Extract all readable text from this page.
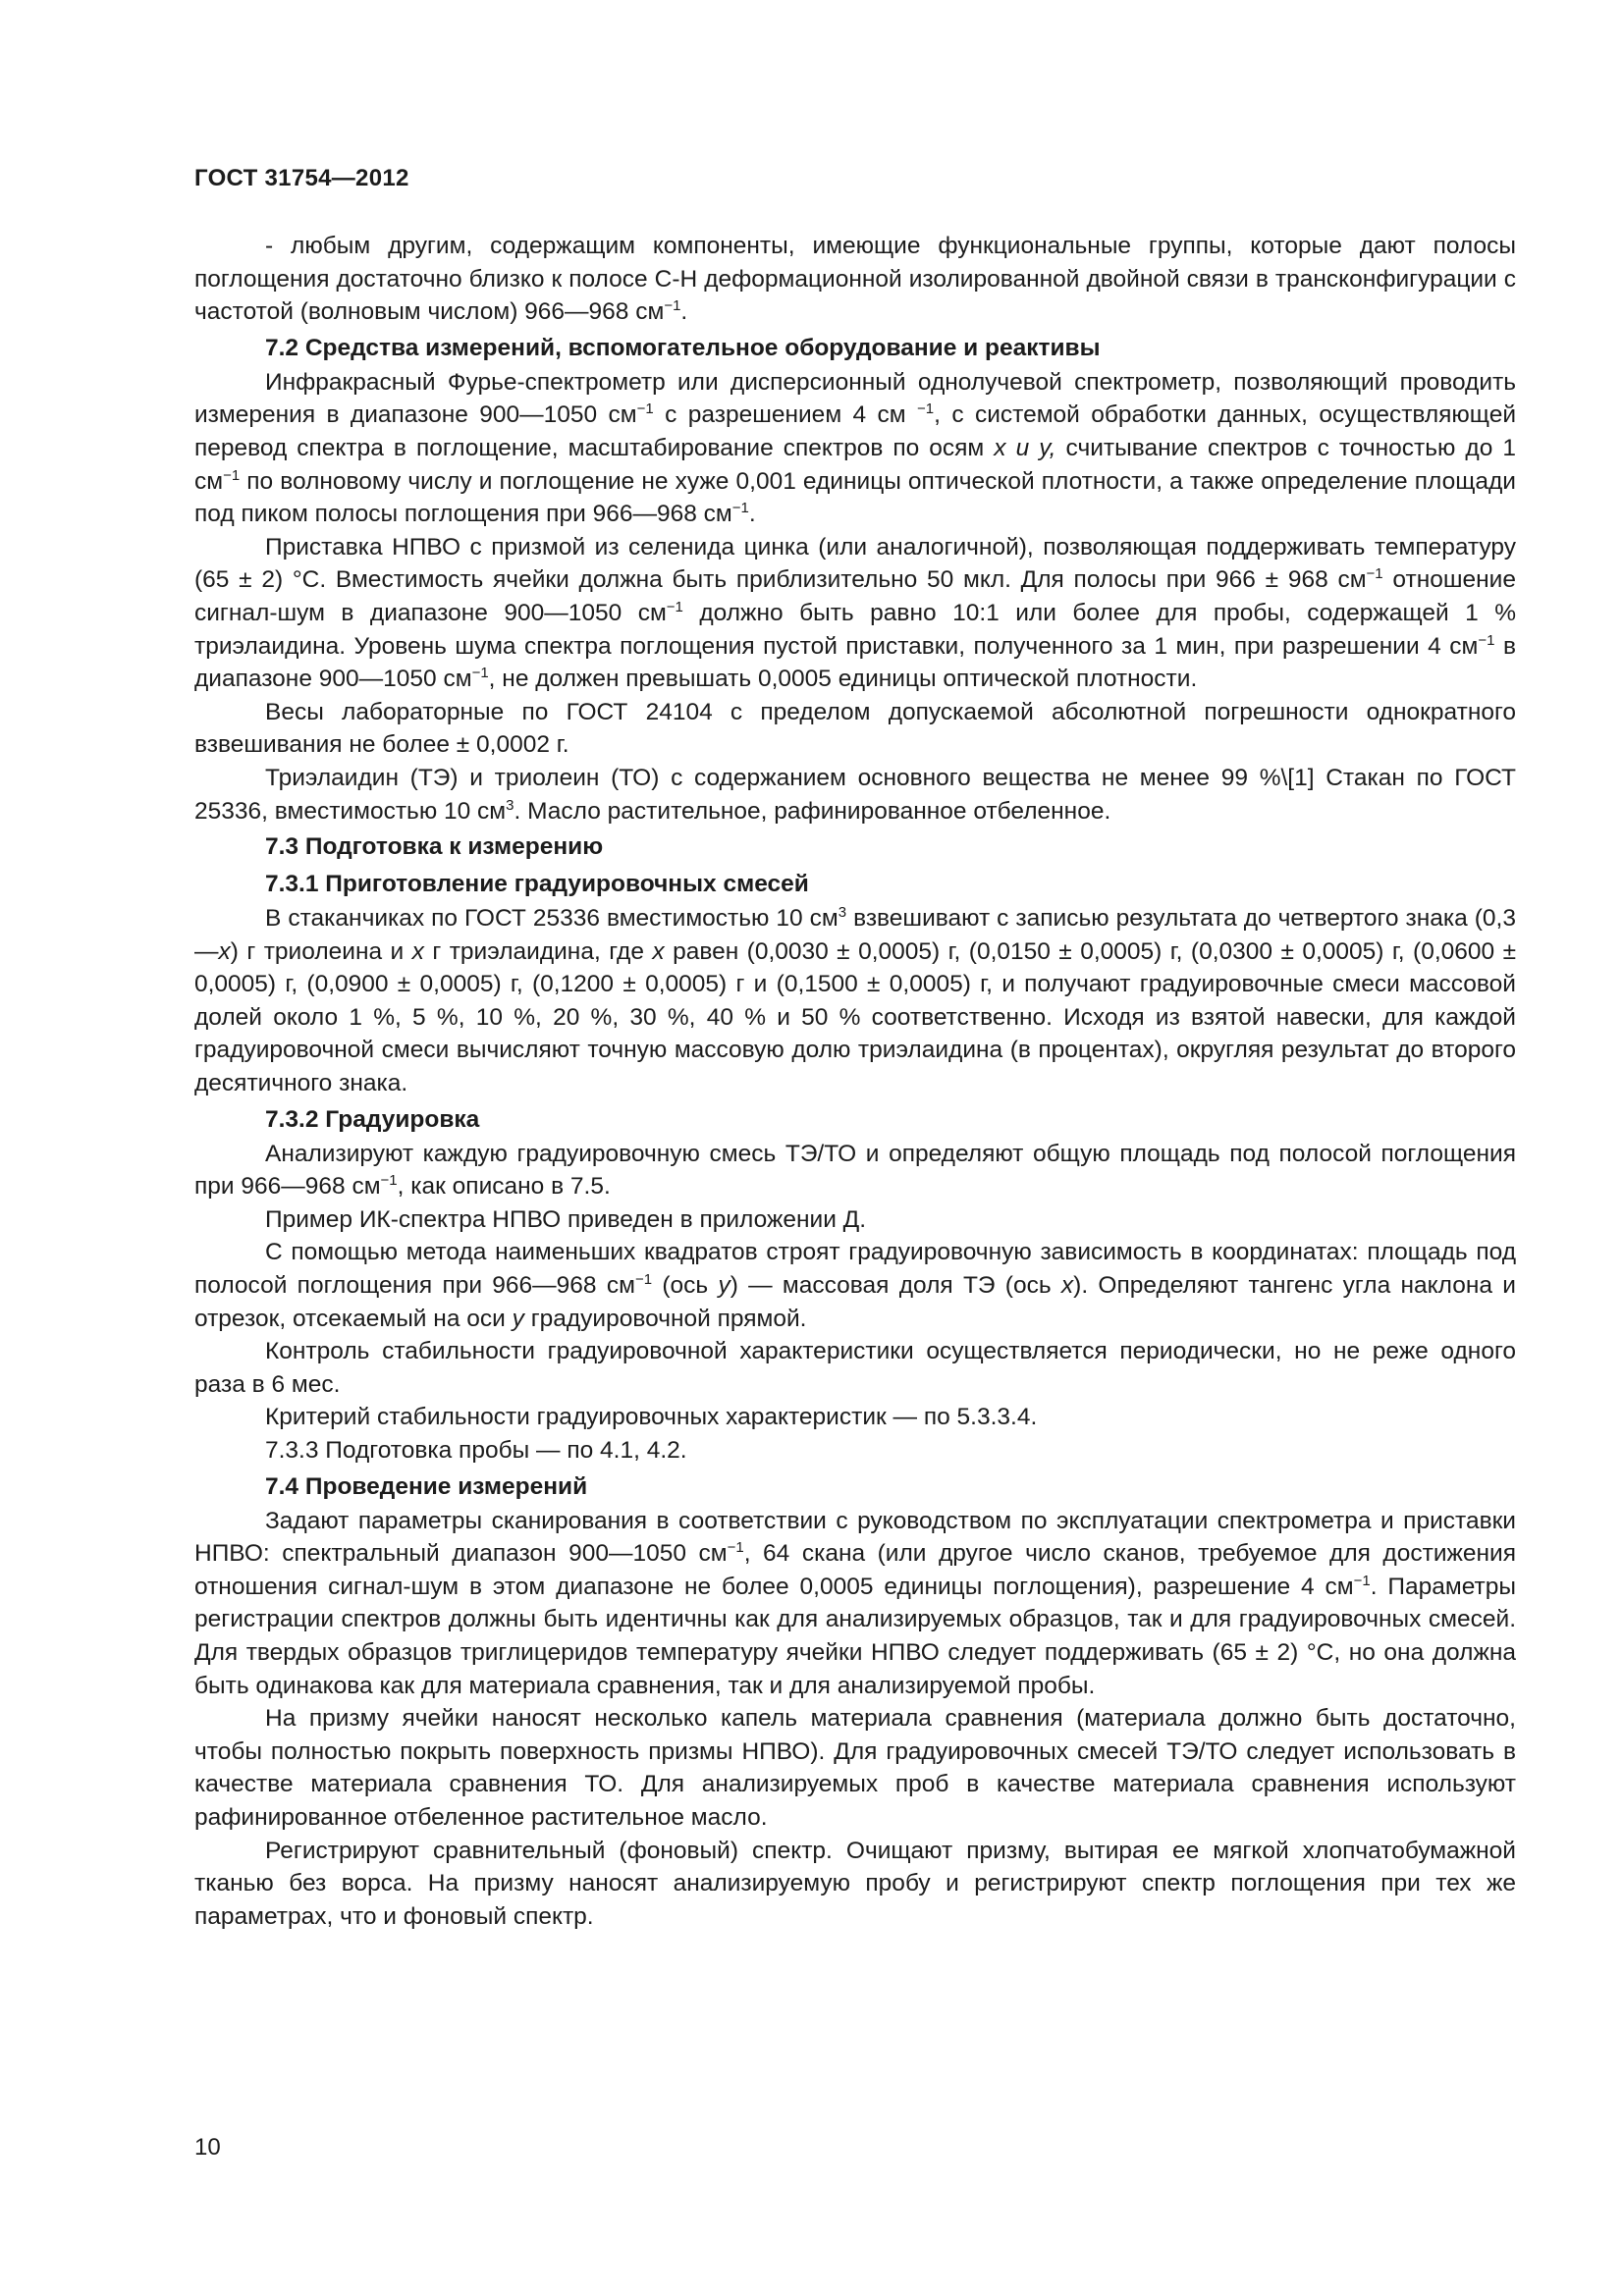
ГОСТ 31754—2012

- любым другим, содержащим компоненты, имеющие функциональные группы, которые дают полосы поглощения достаточно близко к полосе С-Н деформационной изолированной двойной связи в трансконфигурации с частотой (волновым числом) 966—968 $см^{-1}$.

7.2 Средства измерений, вспомогательное оборудование и реактивы

Инфракрасный Фурье-спектрометр или дисперсионный однолучевой спектрометр, позволяющий проводить измерения в диапазоне 900—1050 $см^{-1}$ с разрешением 4 см $^{-1}$, с системой обработки данных, осуществляющей перевод спектра в поглощение, масштабирование спектров по осям x и y, считывание спектров с точностью до 1 $см^{-1}$ по волновому числу и поглощение не хуже 0,001 единицы оптической плотности, а также определение площади под пиком полосы поглощения при 966—968 $см^{-1}$.

Приставка НПВО с призмой из селенида цинка (или аналогичной), позволяющая поддерживать температуру (65 ± 2) °С. Вместимость ячейки должна быть приблизительно 50 мкл. Для полосы при 966 ± 968 $см^{-1}$ отношение сигнал-шум в диапазоне 900—1050 $см^{-1}$ должно быть равно 10:1 или более для пробы, содержащей 1 % триэлаидина. Уровень шума спектра поглощения пустой приставки, полученного за 1 мин, при разрешении 4 $см^{-1}$ в диапазоне 900—1050 $см^{-1}$, не должен превышать 0,0005 единицы оптической плотности.

Весы лабораторные по ГОСТ 24104 с пределом допускаемой абсолютной погрешности однократного взвешивания не более ± 0,0002 г.

Триэлаидин (ТЭ) и триолеин (ТО) с содержанием основного вещества не менее 99 %\[1] Стакан по ГОСТ 25336, вместимостью 10 $см^3$. Масло растительное, рафинированное отбеленное.

7.3 Подготовка к измерению

7.3.1 Приготовление градуировочных смесей

В стаканчиках по ГОСТ 25336 вместимостью 10 $см^3$ взвешивают с записью результата до четвертого знака (0,3—x) г триолеина и x г триэлаидина, где x равен (0,0030 ± 0,0005) г, (0,0150 ± 0,0005) г, (0,0300 ± 0,0005) г, (0,0600 ± 0,0005) г, (0,0900 ± 0,0005) г, (0,1200 ± 0,0005) г и (0,1500 ± 0,0005) г, и получают градуировочные смеси массовой долей около 1 %, 5 %, 10 %, 20 %, 30 %, 40 % и 50 % соответственно. Исходя из взятой навески, для каждой градуировочной смеси вычисляют точную массовую долю триэлаидина (в процентах), округляя результат до второго десятичного знака.

7.3.2 Градуировка

Анализируют каждую градуировочную смесь ТЭ/ТО и определяют общую площадь под полосой поглощения при 966—968 $см^{-1}$, как описано в 7.5.

Пример ИК-спектра НПВО приведен в приложении Д.

С помощью метода наименьших квадратов строят градуировочную зависимость в координатах: площадь под полосой поглощения при 966—968 $см^{-1}$ (ось y) — массовая доля ТЭ (ось x). Определяют тангенс угла наклона и отрезок, отсекаемый на оси y градуировочной прямой.

Контроль стабильности градуировочной характеристики осуществляется периодически, но не реже одного раза в 6 мес.

Критерий стабильности градуировочных характеристик — по 5.3.3.4.

7.3.3 Подготовка пробы — по 4.1, 4.2.

7.4 Проведение измерений

Задают параметры сканирования в соответствии с руководством по эксплуатации спектрометра и приставки НПВО: спектральный диапазон 900—1050 $см^{-1}$, 64 скана (или другое число сканов, требуемое для достижения отношения сигнал-шум в этом диапазоне не более 0,0005 единицы поглощения), разрешение 4 $см^{-1}$. Параметры регистрации спектров должны быть идентичны как для анализируемых образцов, так и для градуировочных смесей. Для твердых образцов триглицеридов температуру ячейки НПВО следует поддерживать (65 ± 2) °С, но она должна быть одинакова как для материала сравнения, так и для анализируемой пробы.

На призму ячейки наносят несколько капель материала сравнения (материала должно быть достаточно, чтобы полностью покрыть поверхность призмы НПВО). Для градуировочных смесей ТЭ/ТО следует использовать в качестве материала сравнения ТО. Для анализируемых проб в качестве материала сравнения используют рафинированное отбеленное растительное масло.

Регистрируют сравнительный (фоновый) спектр. Очищают призму, вытирая ее мягкой хлопчатобумажной тканью без ворса. На призму наносят анализируемую пробу и регистрируют спектр поглощения при тех же параметрах, что и фоновый спектр.

10
